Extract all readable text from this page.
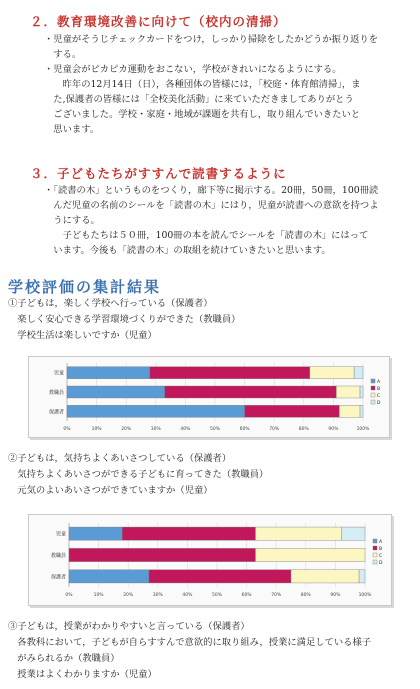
２．教育環境改善に向けて（校内の清掃）
・児童がそうじチェックカードをつけ，しっかり掃除をしたかどうか振り返りを
　する。
・児童会がピカピカ運動をおこない，学校がきれいになるようにする。
　　昨年の12月14日（日），各種団体の皆様には，「校庭・体育館清掃」，ま
　た,保護者の皆様には「全校美化活動」に来ていただきましてありがとう
　ございました。学校・家庭・地域が課題を共有し，取り組んでいきたいと
　思います。
３．子どもたちがすすんで読書するように
・「読書の木」というものをつくり，廊下等に掲示する。20冊，50冊，100冊読
　んだ児童の名前のシールを「読書の木」にはり，児童が読書への意欲を持つよ
　うにする。
　　子どもたちは５０冊，100冊の本を読んでシールを「読書の木」にはって
　います。今後も「読書の木」の取組を続けていきたいと思います。
学校評価の集計結果
①子どもは，楽しく学校へ行っている（保護者）
　楽しく安心できる学習環境づくりができた（教職員）
　学校生活は楽しいですか（児童）
0%	10%	20%	30%	40%	50%	60%	70%	80%	90%	100%
児童
教職員
保護者
A
B
C
D
②子どもは，気持ちよくあいさつしている（保護者）
　気持ちよくあいさつができる子どもに育ってきた（教職員）
　元気のよいあいさつができていますか（児童）
0%	10%	20%	30%	40%	50%	60%	70%	80%	90%	100%
児童
教職員
保護者
A
B
C
D
③子どもは，授業がわかりやすいと言っている（保護者）
　各教科において，子どもが自らすすんで意欲的に取り組み，授業に満足している様子
　がみられるか（教職員）
　授業はよくわかりますか（児童）
